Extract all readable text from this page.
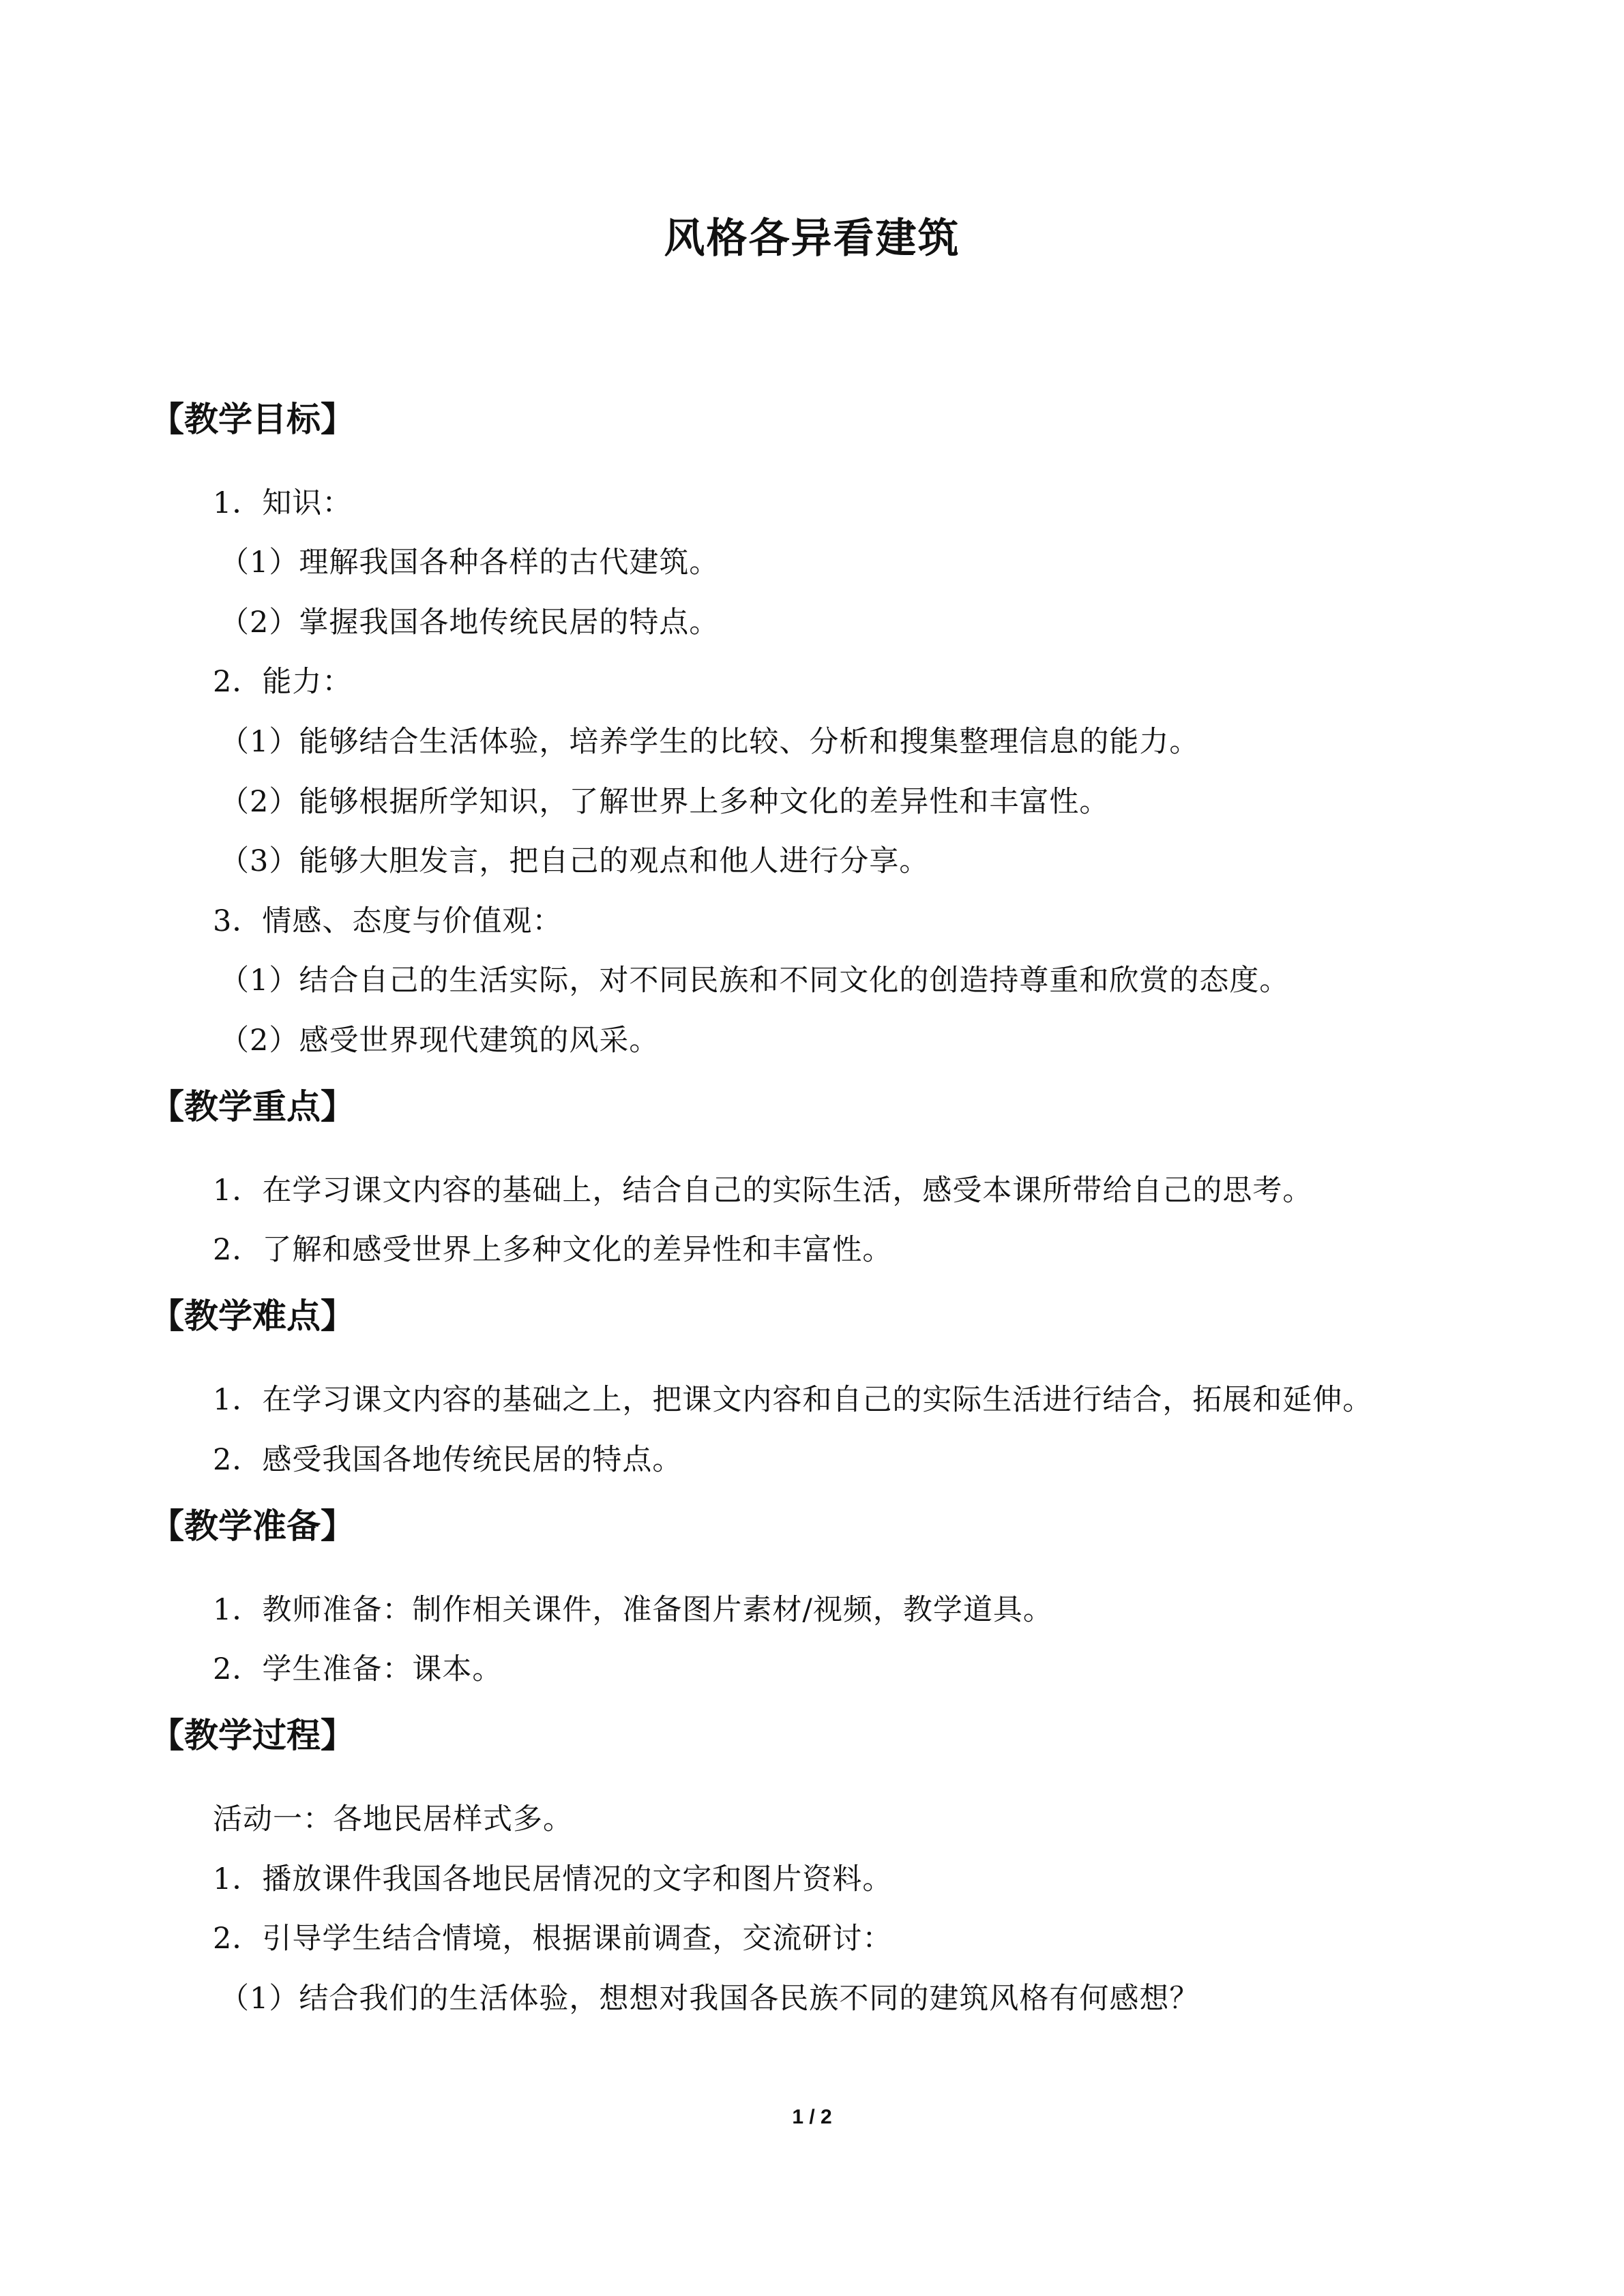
风格各异看建筑
【教学目标】

1．知识：

（1）理解我国各种各样的古代建筑。

（2）掌握我国各地传统民居的特点。

2．能力：

（1）能够结合生活体验，培养学生的比较、分析和搜集整理信息的能力。

（2）能够根据所学知识，了解世界上多种文化的差异性和丰富性。

（3）能够大胆发言，把自己的观点和他人进行分享。

3．情感、态度与价值观：

（1）结合自己的生活实际，对不同民族和不同文化的创造持尊重和欣赏的态度。

（2）感受世界现代建筑的风采。

【教学重点】

1．在学习课文内容的基础上，结合自己的实际生活，感受本课所带给自己的思考。

2．了解和感受世界上多种文化的差异性和丰富性。

【教学难点】

1．在学习课文内容的基础之上，把课文内容和自己的实际生活进行结合，拓展和延伸。

2．感受我国各地传统民居的特点。

【教学准备】

1．教师准备：制作相关课件，准备图片素材/视频，教学道具。

2．学生准备：课本。

【教学过程】

活动一：各地民居样式多。

1．播放课件我国各地民居情况的文字和图片资料。

2．引导学生结合情境，根据课前调查，交流研讨：

（1）结合我们的生活体验，想想对我国各民族不同的建筑风格有何感想？

1 / 2
